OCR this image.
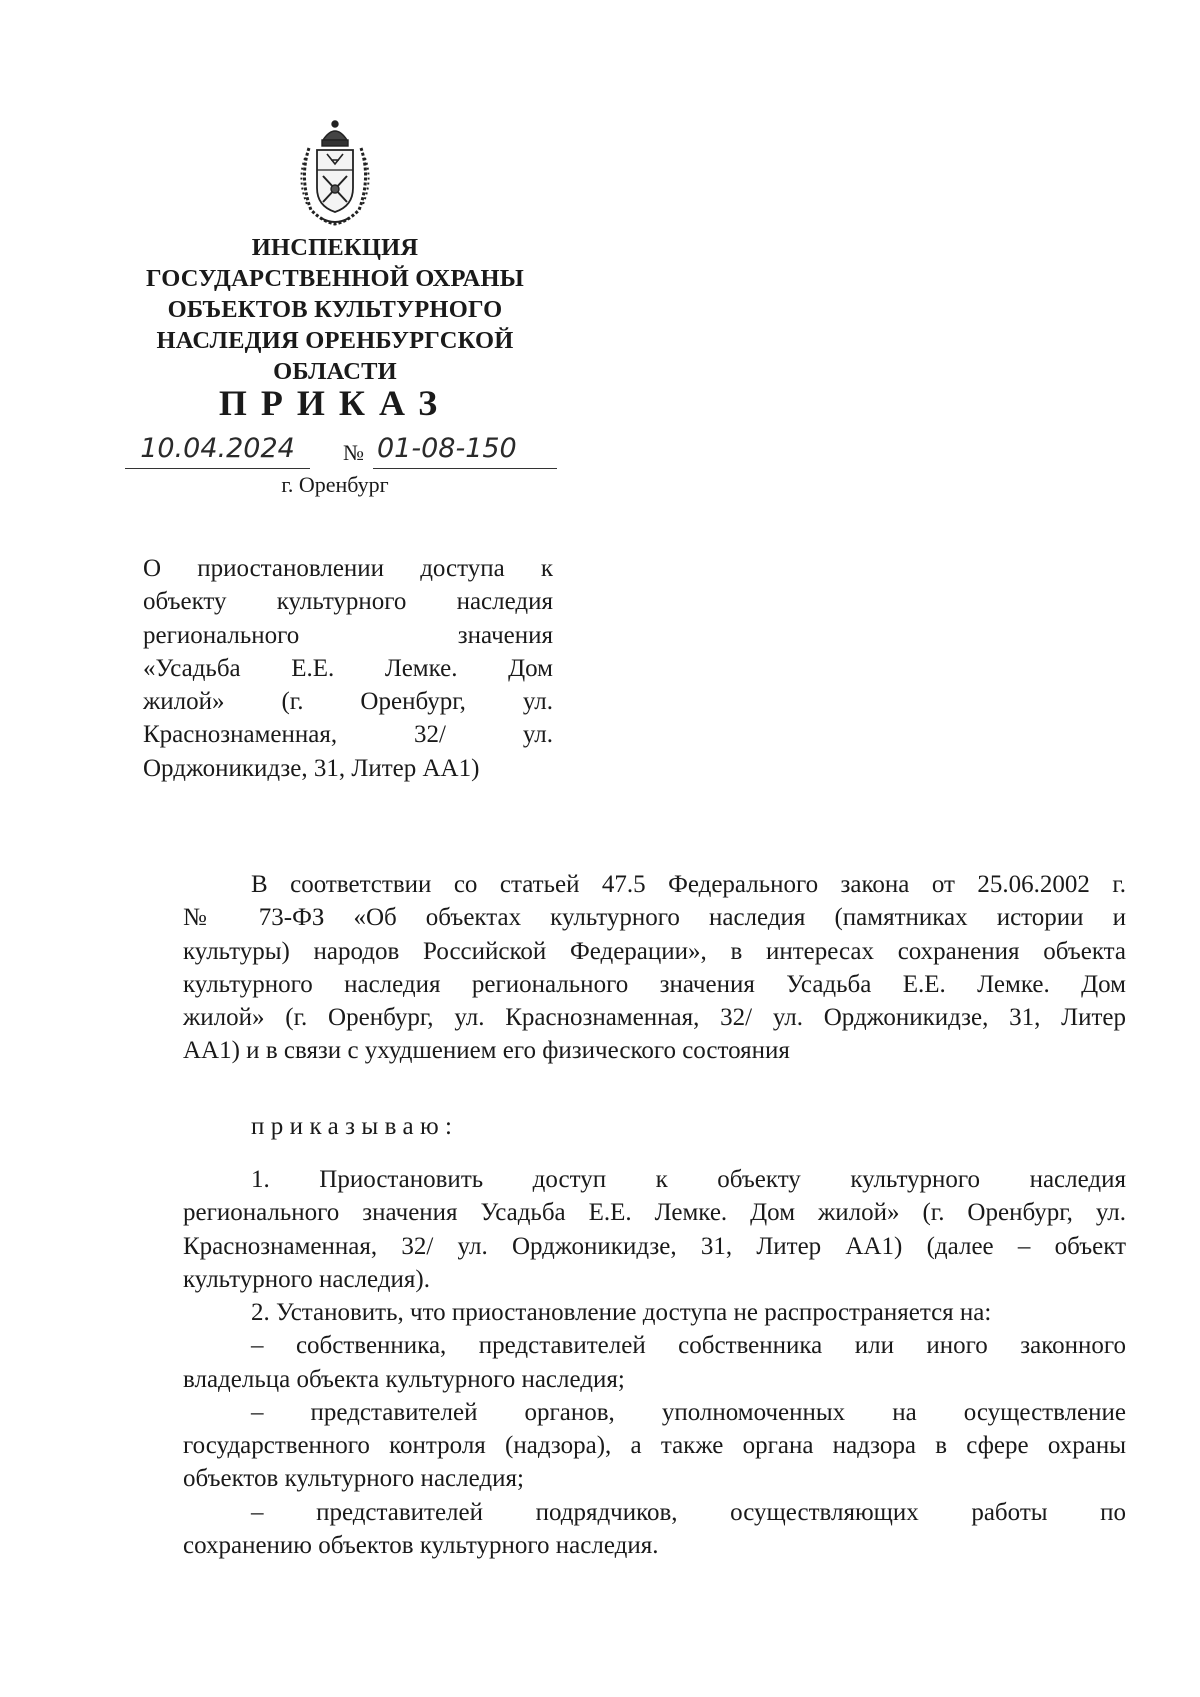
ИНСПЕКЦИЯ
ГОСУДАРСТВЕННОЙ ОХРАНЫ
ОБЪЕКТОВ КУЛЬТУРНОГО
НАСЛЕДИЯ ОРЕНБУРГСКОЙ
ОБЛАСТИ
ПРИКАЗ
10.04.2024	№ 01-08-150
г. Оренбург
О приостановлении доступа к
объекту культурного наследия
регионального значения
«Усадьба Е.Е. Лемке. Дом
жилой» (г. Оренбург, ул.
Краснознаменная, 32/ ул.
Орджоникидзе, 31, Литер АА1)
В соответствии со статьей 47.5 Федерального закона от 25.06.2002 г.
№ 73-ФЗ «Об объектах культурного наследия (памятниках истории и
культуры) народов Российской Федерации», в интересах сохранения объекта
культурного наследия регионального значения Усадьба Е.Е. Лемке. Дом
жилой» (г. Оренбург, ул. Краснознаменная, 32/ ул. Орджоникидзе, 31, Литер
АА1) и в связи с ухудшением его физического состояния
приказываю:
1. Приостановить доступ к объекту культурного наследия
регионального значения Усадьба Е.Е. Лемке. Дом жилой» (г. Оренбург, ул.
Краснознаменная, 32/ ул. Орджоникидзе, 31, Литер АА1) (далее – объект
культурного наследия).
2. Установить, что приостановление доступа не распространяется на:
– собственника, представителей собственника или иного законного
владельца объекта культурного наследия;
– представителей органов, уполномоченных на осуществление
государственного контроля (надзора), а также органа надзора в сфере охраны
объектов культурного наследия;
– представителей подрядчиков, осуществляющих работы по
сохранению объектов культурного наследия.
